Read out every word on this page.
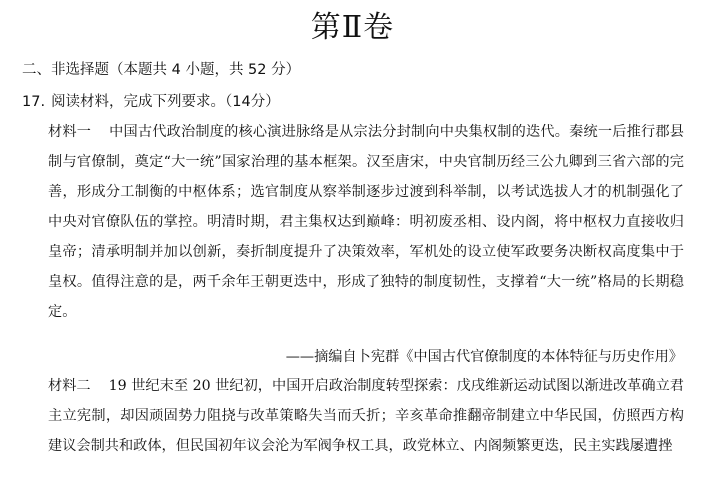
第Ⅱ卷
二、非选择题（本题共 4 小题，共 52 分）
17. 阅读材料，完成下列要求。（14分）
材料一 中国古代政治制度的核心演进脉络是从宗法分封制向中央集权制的迭代。秦统一后推行郡县制与官僚制，奠定“大一统”国家治理的基本框架。汉至唐宋，中央官制历经三公九卿到三省六部的完善，形成分工制衡的中枢体系；选官制度从察举制逐步过渡到科举制，以考试选拔人才的机制强化了中央对官僚队伍的掌控。明清时期，君主集权达到巅峰：明初废丞相、设内阁，将中枢权力直接收归皇帝；清承明制并加以创新，奏折制度提升了决策效率，军机处的设立使军政要务决断权高度集中于皇权。值得注意的是，两千余年王朝更迭中，形成了独特的制度韧性，支撑着“大一统”格局的长期稳定。
——摘编自卜宪群《中国古代官僚制度的本体特征与历史作用》
材料二 19 世纪末至 20 世纪初，中国开启政治制度转型探索：戊戌维新运动试图以渐进改革确立君主立宪制，却因顽固势力阻挠与改革策略失当而夭折；辛亥革命推翻帝制建立中华民国，仿照西方构建议会制共和政体，但民国初年议会沦为军阀争权工具，政党林立、内阁频繁更迭，民主实践屡遭挫
